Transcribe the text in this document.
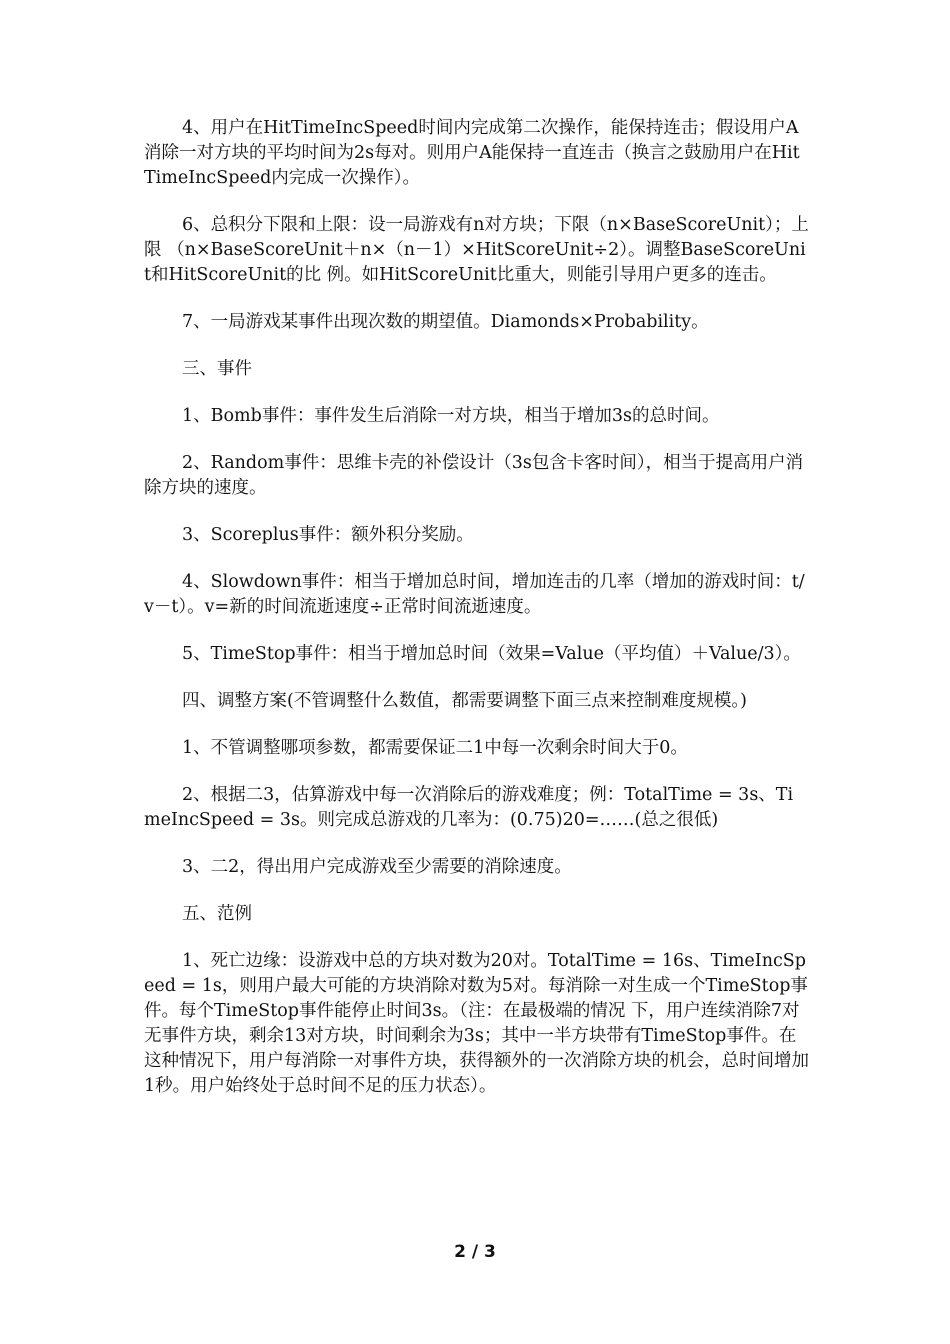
4、用户在HitTimeIncSpeed时间内完成第二次操作，能保持连击；假设用户A消除一对方块的平均时间为2s每对。则用户A能保持一直连击（换言之鼓励用户在HitTimeIncSpeed内完成一次操作）。

6、总积分下限和上限：设一局游戏有n对方块；下限（n×BaseScoreUnit）；上限 （n×BaseScoreUnit＋n×（n－1）×HitScoreUnit÷2）。调整BaseScoreUnit和HitScoreUnit的比 例。如HitScoreUnit比重大，则能引导用户更多的连击。

7、一局游戏某事件出现次数的期望值。Diamonds×Probability。

三、事件

1、Bomb事件：事件发生后消除一对方块，相当于增加3s的总时间。

2、Random事件：思维卡壳的补偿设计（3s包含卡客时间），相当于提高用户消除方块的速度。

3、Scoreplus事件：额外积分奖励。

4、Slowdown事件：相当于增加总时间，增加连击的几率（增加的游戏时间：t/v－t）。v=新的时间流逝速度÷正常时间流逝速度。

5、TimeStop事件：相当于增加总时间（效果=Value（平均值）＋Value/3）。

四、调整方案(不管调整什么数值，都需要调整下面三点来控制难度规模。)

1、不管调整哪项参数，都需要保证二1中每一次剩余时间大于0。

2、根据二3，估算游戏中每一次消除后的游戏难度；例：TotalTime = 3s、TimeIncSpeed = 3s。则完成总游戏的几率为：(0.75)20=……(总之很低)

3、二2，得出用户完成游戏至少需要的消除速度。

五、范例

1、死亡边缘：设游戏中总的方块对数为20对。TotalTime = 16s、TimeIncSpeed = 1s，则用户最大可能的方块消除对数为5对。每消除一对生成一个TimeStop事件。每个TimeStop事件能停止时间3s。（注：在最极端的情况 下，用户连续消除7对无事件方块，剩余13对方块，时间剩余为3s；其中一半方块带有TimeStop事件。在这种情况下，用户每消除一对事件方块，获得额外的一次消除方块的机会，总时间增加1秒。用户始终处于总时间不足的压力状态）。

2 / 3
